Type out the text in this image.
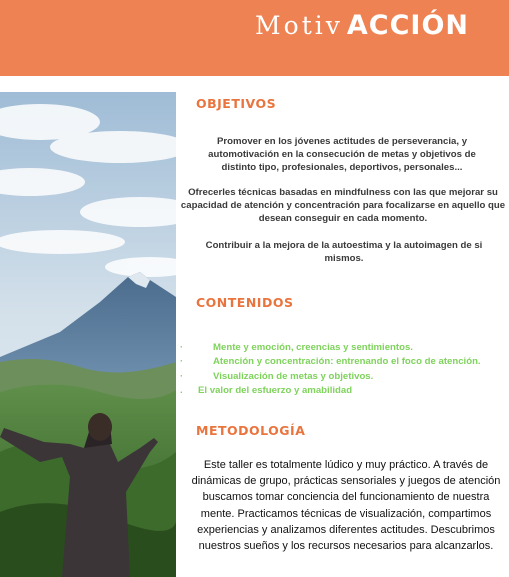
Motiv ACCIÓN
OBJETIVOS

Promover en los jóvenes actitudes de perseverancia, y automotivación en la consecución de metas y objetivos de distinto tipo, profesionales, deportivos, personales...

Ofrecerles técnicas basadas en mindfulness con las que mejorar su capacidad de atención y concentración para focalizarse en aquello que desean conseguir en cada momento.

Contribuir a la mejora de la autoestima y la autoimagen de si mismos.

CONTENIDOS
·	Mente y emoción, creencias y sentimientos.
·	Atención y concentración: entrenando el foco de atención.
·	Visualización de metas y objetivos.
. El valor del esfuerzo y amabilidad
METODOLOGÍA

Este taller es totalmente lúdico y muy práctico. A través de dinámicas de grupo, prácticas sensoriales y juegos de atención buscamos tomar conciencia del funcionamiento de nuestra mente. Practicamos técnicas de visualización, compartimos experiencias y analizamos diferentes actitudes. Descubrimos nuestros sueños y los recursos necesarios para alcanzarlos.
